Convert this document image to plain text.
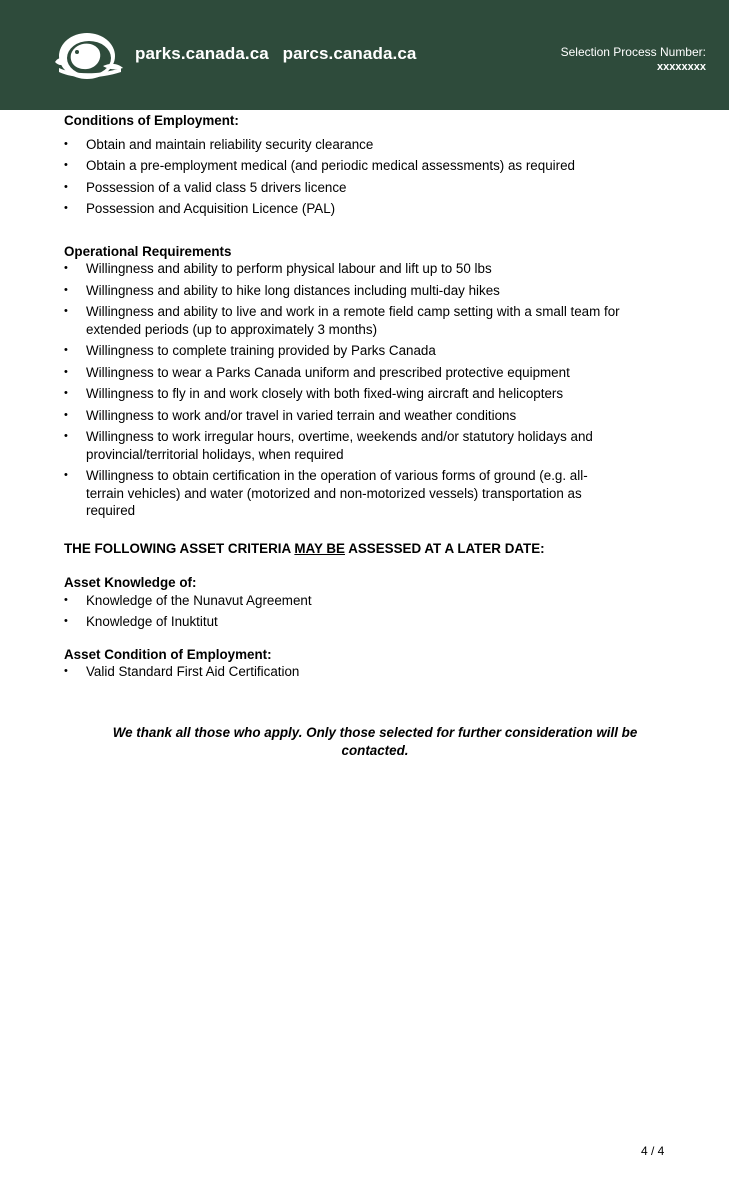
parks.canada.ca parcs.canada.ca	Selection Process Number:
xxxxxxxx
Conditions of Employment:
•	Obtain and maintain reliability security clearance
•	Obtain a pre-employment medical (and periodic medical assessments) as required
•	Possession of a valid class 5 drivers licence
•	Possession and Acquisition Licence (PAL)
Operational Requirements
•	Willingness and ability to perform physical labour and lift up to 50 lbs
•	Willingness and ability to hike long distances including multi-day hikes
•	Willingness and ability to live and work in a remote field camp setting with a small team for extended periods (up to approximately 3 months)
•	Willingness to complete training provided by Parks Canada
•	Willingness to wear a Parks Canada uniform and prescribed protective equipment
•	Willingness to fly in and work closely with both fixed-wing aircraft and helicopters
•	Willingness to work and/or travel in varied terrain and weather conditions
•	Willingness to work irregular hours, overtime, weekends and/or statutory holidays and provincial/territorial holidays, when required
•	Willingness to obtain certification in the operation of various forms of ground (e.g. all-terrain vehicles) and water (motorized and non-motorized vessels) transportation as required
THE FOLLOWING ASSET CRITERIA MAY BE ASSESSED AT A LATER DATE:
Asset Knowledge of:
•	Knowledge of the Nunavut Agreement
•	Knowledge of Inuktitut
Asset Condition of Employment:
•	Valid Standard First Aid Certification
We thank all those who apply. Only those selected for further consideration will be contacted.
4 / 4
